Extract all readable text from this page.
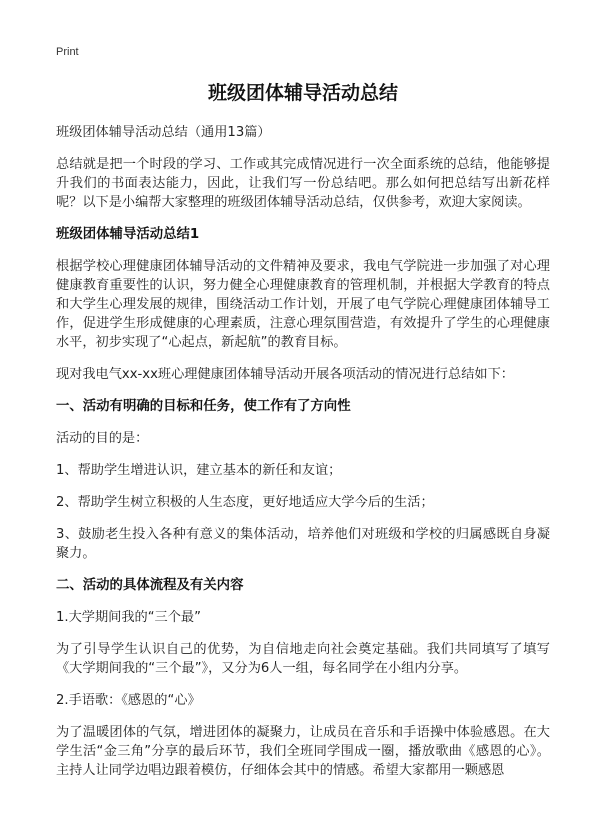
Print
班级团体辅导活动总结

班级团体辅导活动总结（通用13篇）

总结就是把一个时段的学习、工作或其完成情况进行一次全面系统的总结，他能够提升我们的书面表达能力，因此，让我们写一份总结吧。那么如何把总结写出新花样呢？以下是小编帮大家整理的班级团体辅导活动总结，仅供参考，欢迎大家阅读。

班级团体辅导活动总结1

根据学校心理健康团体辅导活动的文件精神及要求，我电气学院进一步加强了对心理健康教育重要性的认识，努力健全心理健康教育的管理机制，并根据大学教育的特点和大学生心理发展的规律，围绕活动工作计划，开展了电气学院心理健康团体辅导工作，促进学生形成健康的心理素质，注意心理氛围营造，有效提升了学生的心理健康水平，初步实现了“心起点，新起航”的教育目标。

现对我电气xx-xx班心理健康团体辅导活动开展各项活动的情况进行总结如下：

一、活动有明确的目标和任务，使工作有了方向性

活动的目的是：

1、帮助学生增进认识，建立基本的新任和友谊；

2、帮助学生树立积极的人生态度，更好地适应大学今后的生活；

3、鼓励老生投入各种有意义的集体活动，培养他们对班级和学校的归属感既自身凝聚力。

二、活动的具体流程及有关内容

1.大学期间我的“三个最”

为了引导学生认识自己的优势，为自信地走向社会奠定基础。我们共同填写了填写《大学期间我的“三个最”》，又分为6人一组，每名同学在小组内分享。

2.手语歌：《感恩的“心》

为了温暖团体的气氛，增进团体的凝聚力，让成员在音乐和手语操中体验感恩。在大学生活“金三角”分享的最后环节，我们全班同学围成一圈，播放歌曲《感恩的心》。主持人让同学边唱边跟着模仿，仔细体会其中的情感。希望大家都用一颗感恩
